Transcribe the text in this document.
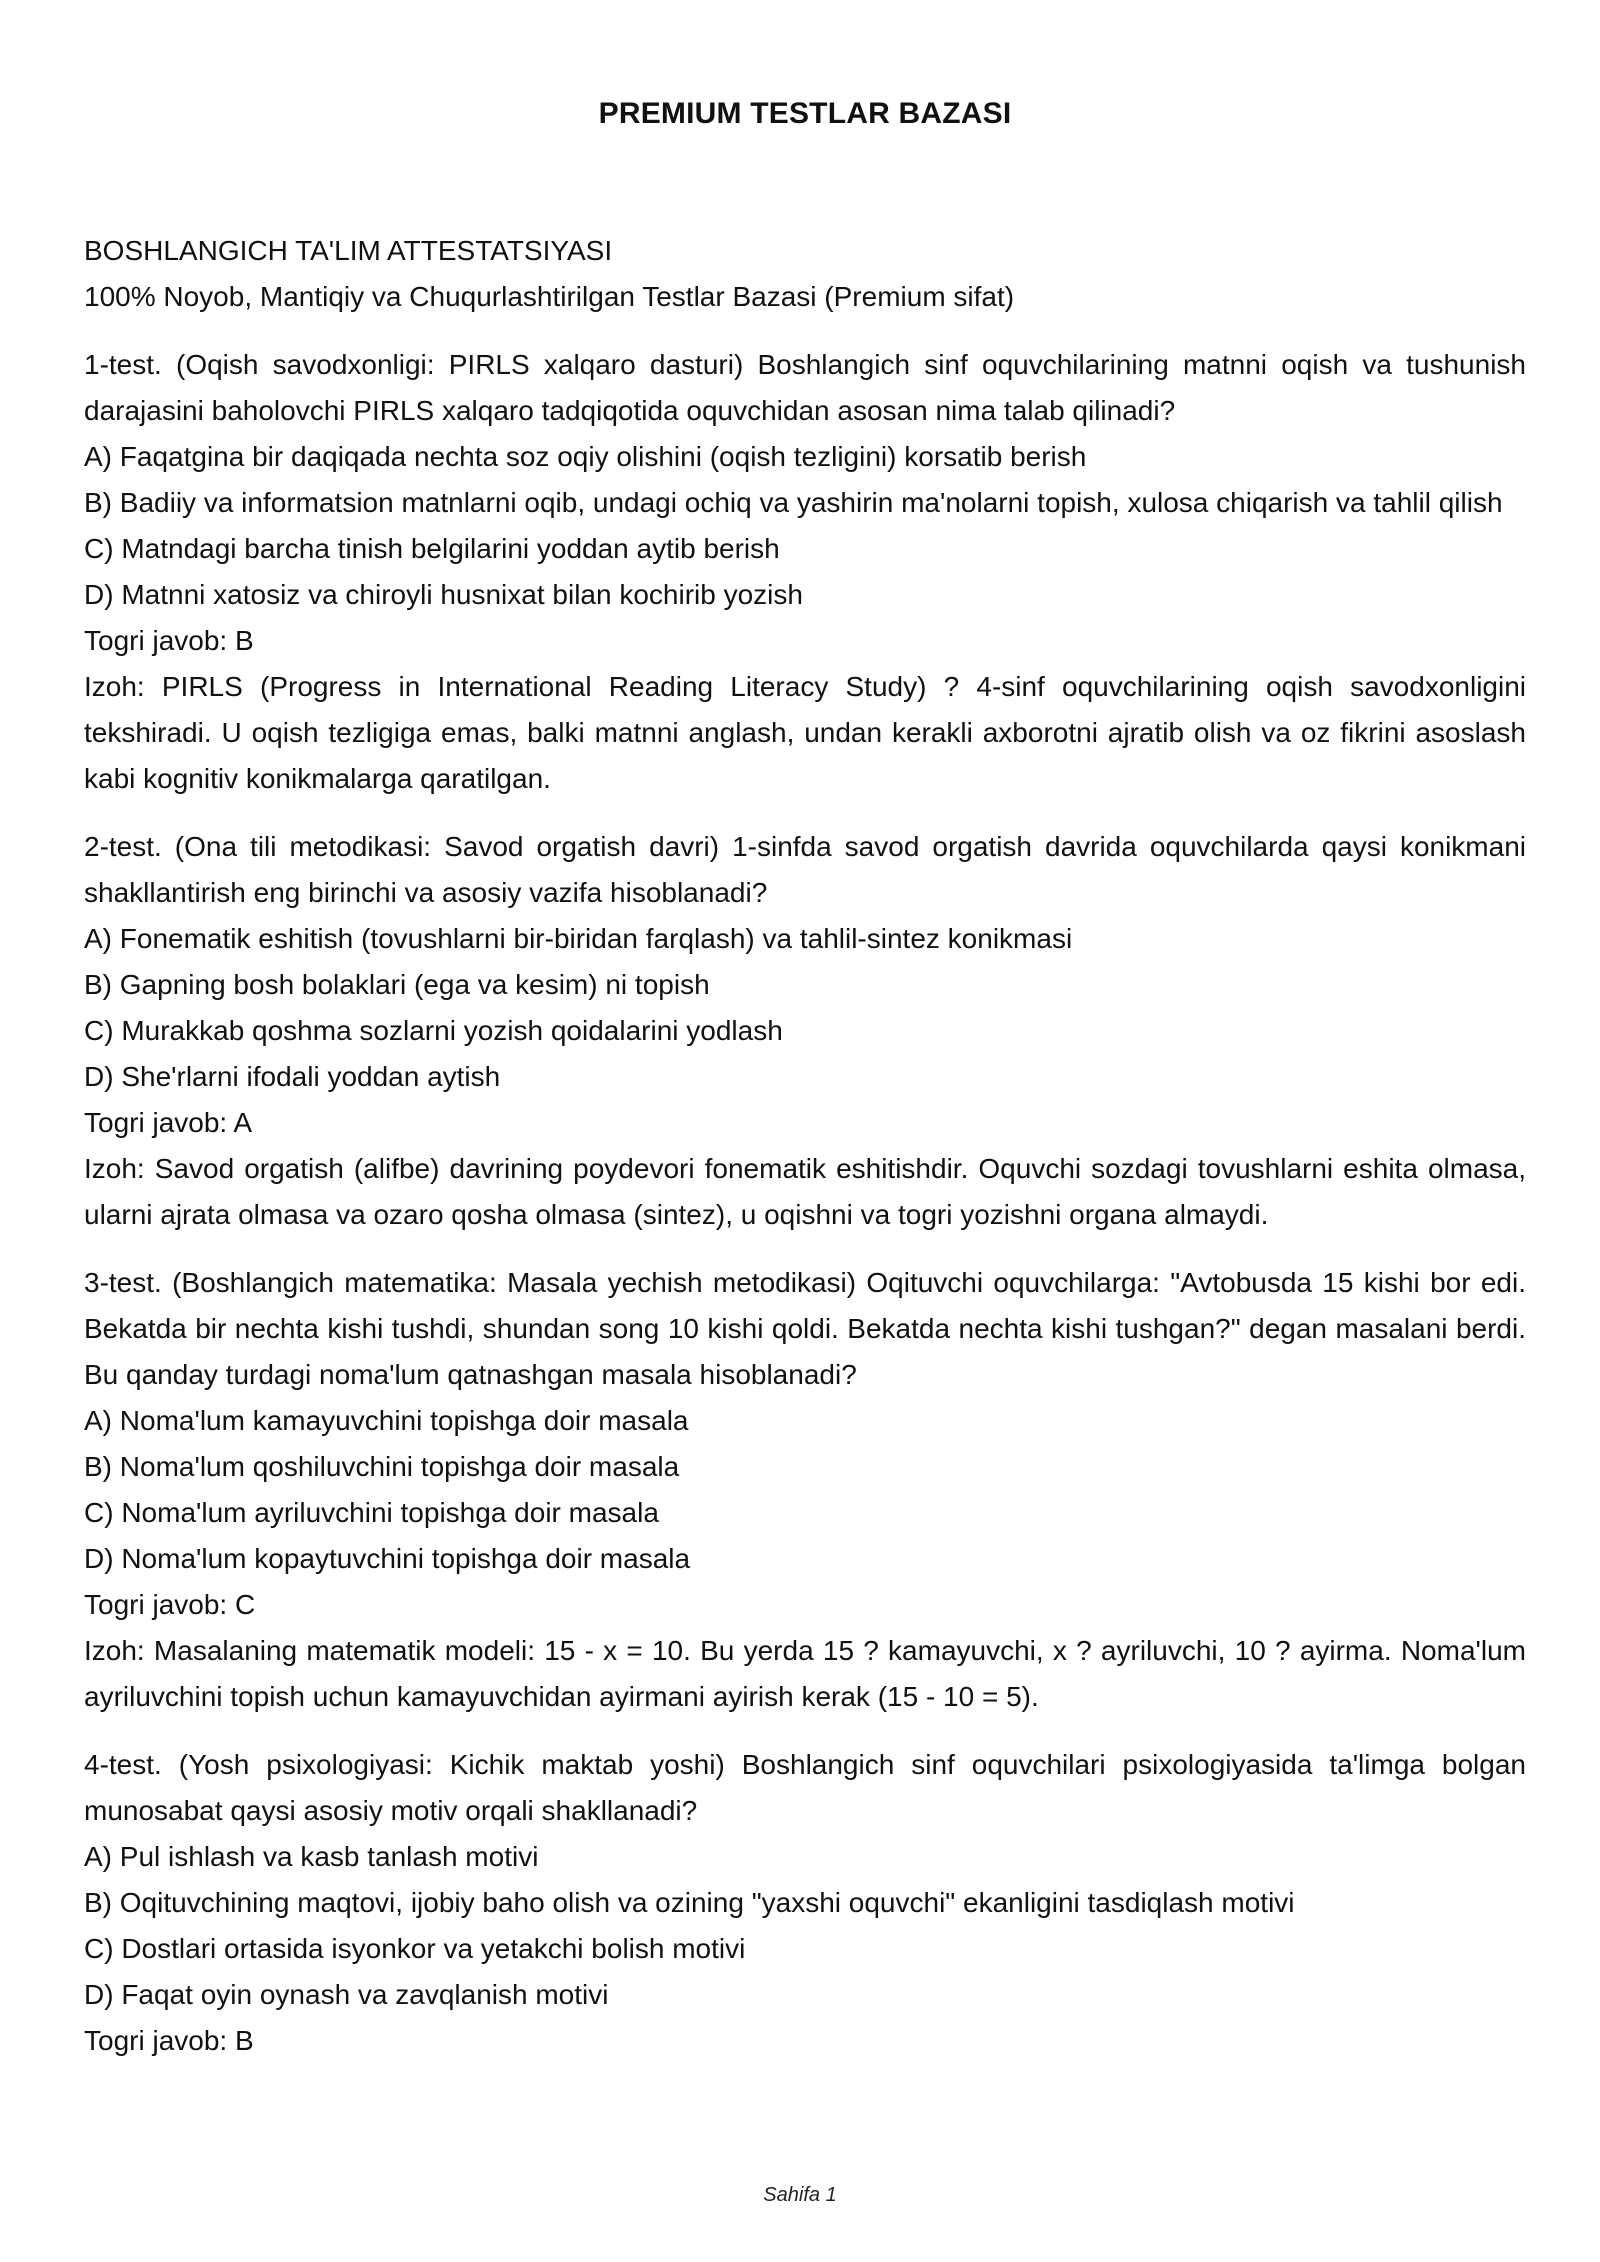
PREMIUM TESTLAR BAZASI

BOSHLANGICH TA'LIM ATTESTATSIYASI

100% Noyob, Mantiqiy va Chuqurlashtirilgan Testlar Bazasi (Premium sifat)

1-test. (Oqish savodxonligi: PIRLS xalqaro dasturi) Boshlangich sinf oquvchilarining matnni oqish va tushunish darajasini baholovchi PIRLS xalqaro tadqiqotida oquvchidan asosan nima talab qilinadi?

A) Faqatgina bir daqiqada nechta soz oqiy olishini (oqish tezligini) korsatib berish

B) Badiiy va informatsion matnlarni oqib, undagi ochiq va yashirin ma'nolarni topish, xulosa chiqarish va tahlil qilish

C) Matndagi barcha tinish belgilarini yoddan aytib berish

D) Matnni xatosiz va chiroyli husnixat bilan kochirib yozish

Togri javob: B

Izoh: PIRLS (Progress in International Reading Literacy Study) ? 4-sinf oquvchilarining oqish savodxonligini tekshiradi. U oqish tezligiga emas, balki matnni anglash, undan kerakli axborotni ajratib olish va oz fikrini asoslash kabi kognitiv konikmalarga qaratilgan.

2-test. (Ona tili metodikasi: Savod orgatish davri) 1-sinfda savod orgatish davrida oquvchilarda qaysi konikmani shakllantirish eng birinchi va asosiy vazifa hisoblanadi?

A) Fonematik eshitish (tovushlarni bir-biridan farqlash) va tahlil-sintez konikmasi

B) Gapning bosh bolaklari (ega va kesim) ni topish

C) Murakkab qoshma sozlarni yozish qoidalarini yodlash

D) She'rlarni ifodali yoddan aytish

Togri javob: A

Izoh: Savod orgatish (alifbe) davrining poydevori fonematik eshitishdir. Oquvchi sozdagi tovushlarni eshita olmasa, ularni ajrata olmasa va ozaro qosha olmasa (sintez), u oqishni va togri yozishni organa almaydi.

3-test. (Boshlangich matematika: Masala yechish metodikasi) Oqituvchi oquvchilarga: "Avtobusda 15 kishi bor edi. Bekatda bir nechta kishi tushdi, shundan song 10 kishi qoldi. Bekatda nechta kishi tushgan?" degan masalani berdi. Bu qanday turdagi noma'lum qatnashgan masala hisoblanadi?

A) Noma'lum kamayuvchini topishga doir masala

B) Noma'lum qoshiluvchini topishga doir masala

C) Noma'lum ayriluvchini topishga doir masala

D) Noma'lum kopaytuvchini topishga doir masala

Togri javob: C

Izoh: Masalaning matematik modeli: 15 - x = 10. Bu yerda 15 ? kamayuvchi, x ? ayriluvchi, 10 ? ayirma. Noma'lum ayriluvchini topish uchun kamayuvchidan ayirmani ayirish kerak (15 - 10 = 5).

4-test. (Yosh psixologiyasi: Kichik maktab yoshi) Boshlangich sinf oquvchilari psixologiyasida ta'limga bolgan munosabat qaysi asosiy motiv orqali shakllanadi?

A) Pul ishlash va kasb tanlash motivi

B) Oqituvchining maqtovi, ijobiy baho olish va ozining "yaxshi oquvchi" ekanligini tasdiqlash motivi

C) Dostlari ortasida isyonkor va yetakchi bolish motivi

D) Faqat oyin oynash va zavqlanish motivi

Togri javob: B

Sahifa 1
